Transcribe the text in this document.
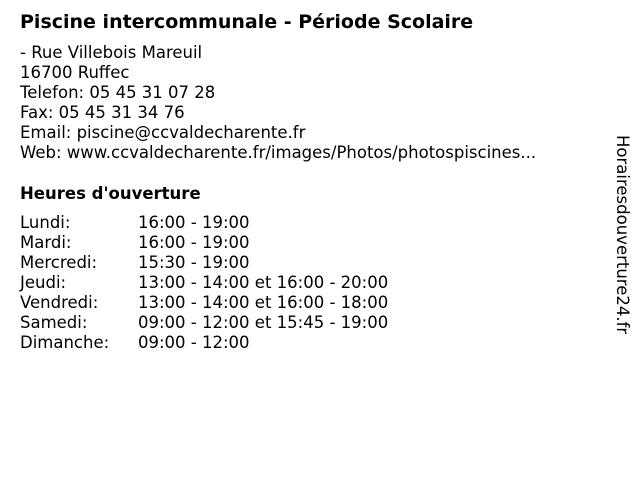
Piscine intercommunale - Période Scolaire
- Rue Villebois Mareuil
16700 Ruffec
Telefon: 05 45 31 07 28
Fax: 05 45 31 34 76
Email: piscine@ccvaldecharente.fr
Web: www.ccvaldecharente.fr/images/Photos/photospiscines...
Heures d'ouverture
Lundi:	16:00 - 19:00
Mardi:	16:00 - 19:00
Mercredi: 15:30 - 19:00
Jeudi:	13:00 - 14:00 et 16:00 - 20:00
Vendredi: 13:00 - 14:00 et 16:00 - 18:00
Samedi:	09:00 - 12:00 et 15:45 - 19:00
Dimanche: 09:00 - 12:00
Horairesdouverture24.fr
